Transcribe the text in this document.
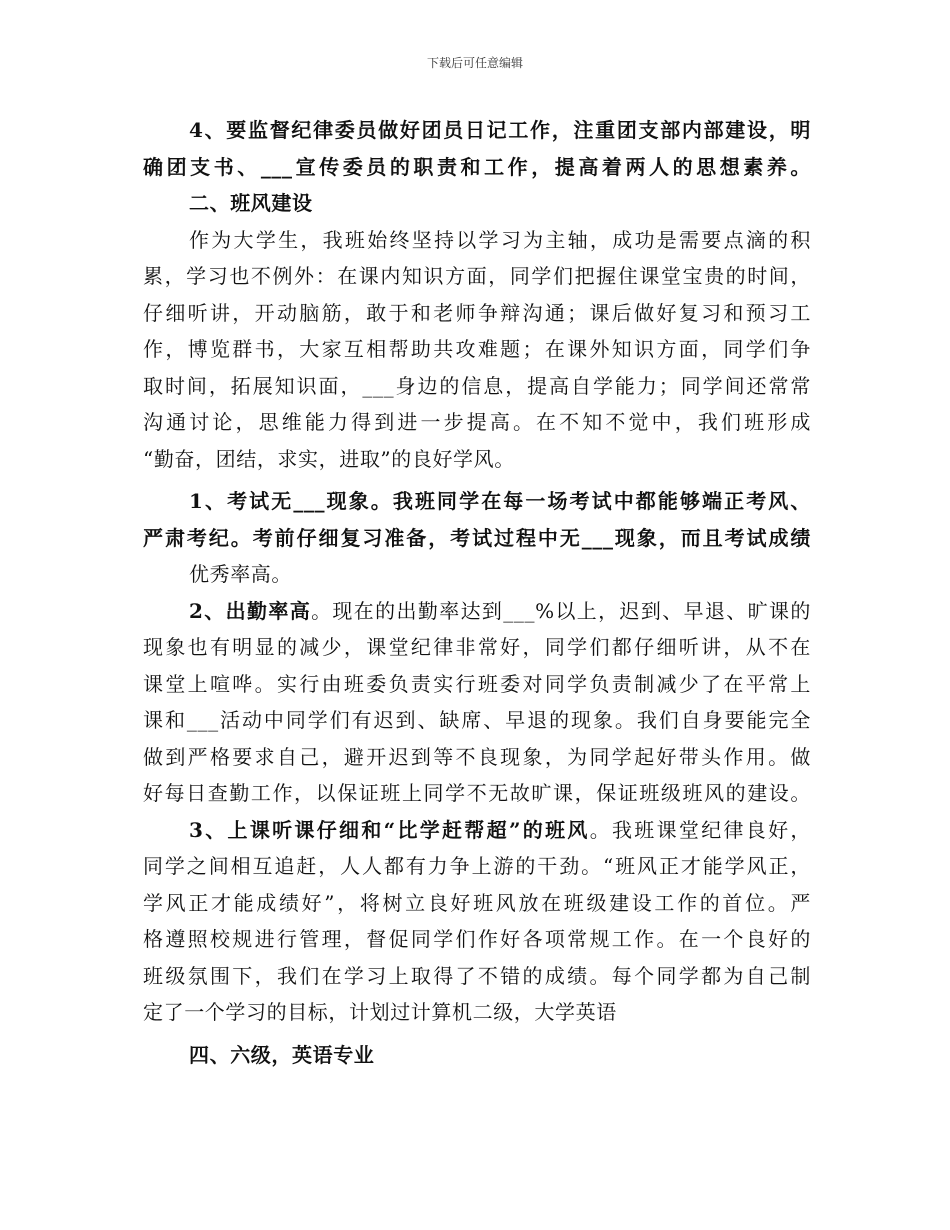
下载后可任意编辑
4、要监督纪律委员做好团员日记工作，注重团支部内部建设，明
确团支书、___宣传委员的职责和工作，提高着两人的思想素养。
二、班风建设
作为大学生，我班始终坚持以学习为主轴，成功是需要点滴的积
累，学习也不例外：在课内知识方面，同学们把握住课堂宝贵的时间，
仔细听讲，开动脑筋，敢于和老师争辩沟通；课后做好复习和预习工
作，博览群书，大家互相帮助共攻难题；在课外知识方面，同学们争
取时间，拓展知识面，___身边的信息，提高自学能力；同学间还常常
沟通讨论，思维能力得到进一步提高。在不知不觉中，我们班形成
“勤奋，团结，求实，进取”的良好学风。
1、考试无___现象。我班同学在每一场考试中都能够端正考风、
严肃考纪。考前仔细复习准备，考试过程中无___现象，而且考试成绩
优秀率高。
2、出勤率高。现在的出勤率达到___%以上，迟到、早退、旷课的
现象也有明显的减少，课堂纪律非常好，同学们都仔细听讲，从不在
课堂上喧哗。实行由班委负责实行班委对同学负责制减少了在平常上
课和___活动中同学们有迟到、缺席、早退的现象。我们自身要能完全
做到严格要求自己，避开迟到等不良现象，为同学起好带头作用。做
好每日查勤工作，以保证班上同学不无故旷课，保证班级班风的建设。
3、上课听课仔细和“比学赶帮超”的班风。我班课堂纪律良好，
同学之间相互追赶，人人都有力争上游的干劲。“班风正才能学风正，
学风正才能成绩好”，将树立良好班风放在班级建设工作的首位。严
格遵照校规进行管理，督促同学们作好各项常规工作。在一个良好的
班级氛围下，我们在学习上取得了不错的成绩。每个同学都为自己制
定了一个学习的目标，计划过计算机二级，大学英语
四、六级，英语专业
